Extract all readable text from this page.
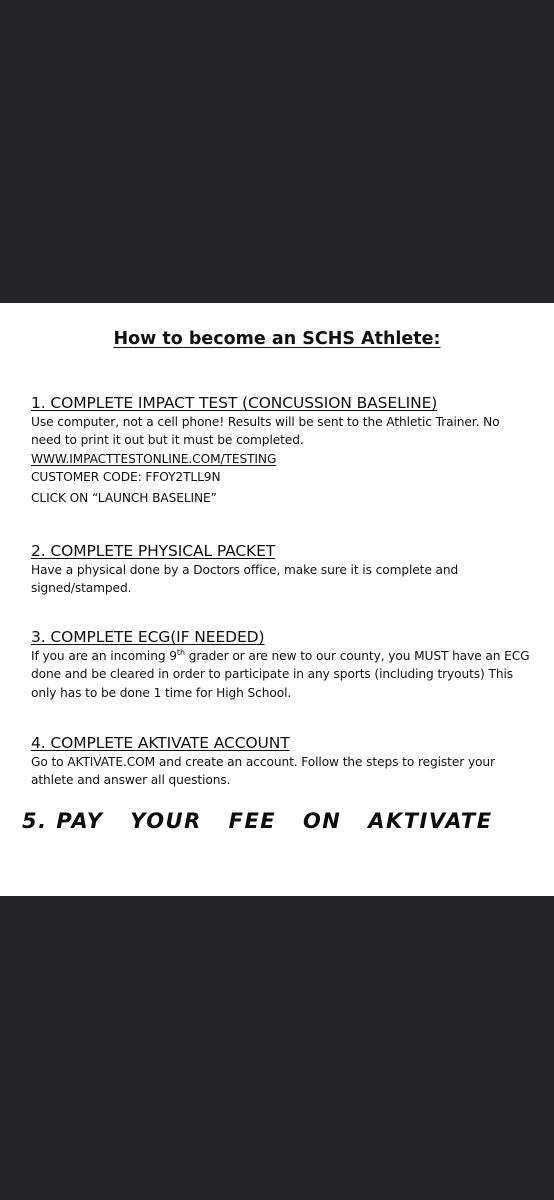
How to become an SCHS Athlete:
1. COMPLETE IMPACT TEST (CONCUSSION BASELINE)
Use computer, not a cell phone! Results will be sent to the Athletic Trainer. No
need to print it out but it must be completed.
WWW.IMPACTTESTONLINE.COM/TESTING
CUSTOMER CODE: FFOY2TLL9N
CLICK ON “LAUNCH BASELINE”
2. COMPLETE PHYSICAL PACKET
Have a physical done by a Doctors office, make sure it is complete and
signed/stamped.
3. COMPLETE ECG(IF NEEDED)
If you are an incoming 9th grader or are new to our county, you MUST have an ECG
done and be cleared in order to participate in any sports (including tryouts) This
only has to be done 1 time for High School.
4. COMPLETE AKTIVATE ACCOUNT
Go to AKTIVATE.COM and create an account. Follow the steps to register your
athlete and answer all questions.
5. PAY YOUR FEE ON AKTIVATE
